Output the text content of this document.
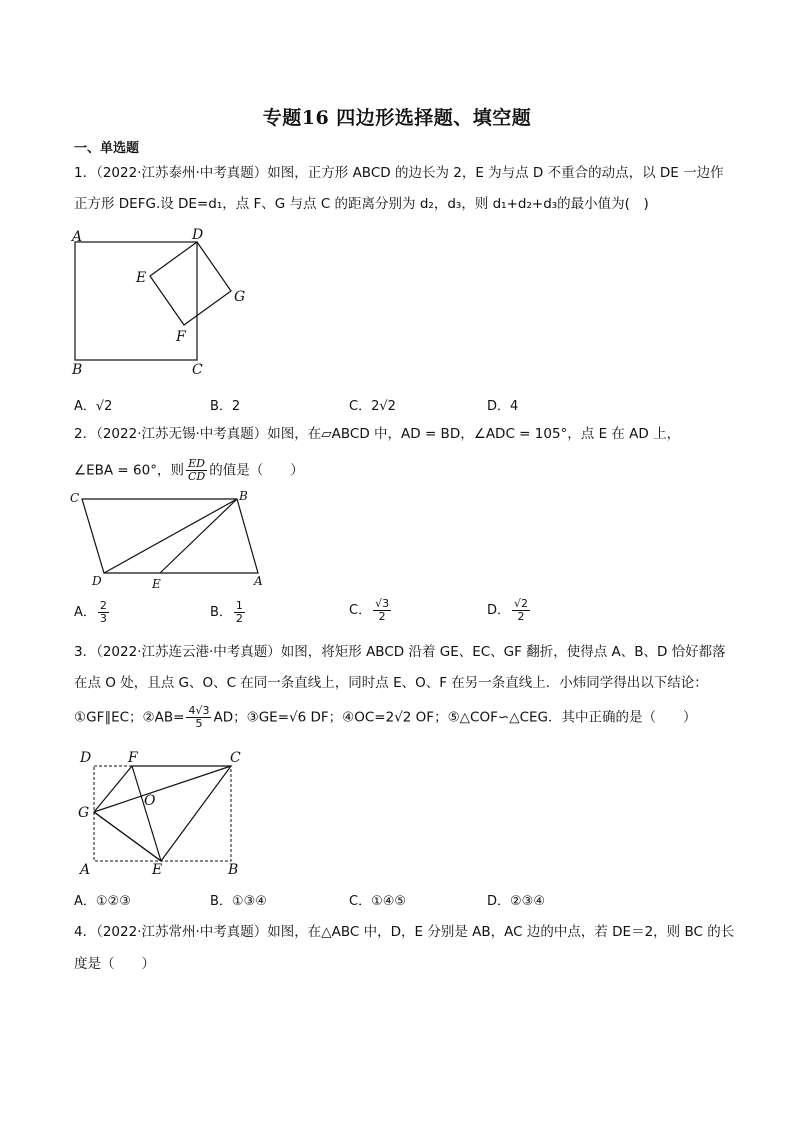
专题16 四边形选择题、填空题
一、单选题
1．（2022·江苏泰州·中考真题）如图，正方形 ABCD 的边长为 2，E 为与点 D 不重合的动点，以 DE 一边作
正方形 DEFG.设 DE=d₁，点 F、G 与点 C 的距离分别为 d₂，d₃，则 d₁+d₂+d₃的最小值为(　)
A	D
E
G
F
B	C
A．√2	B．2	C．2√2	D．4
2．（2022·江苏无锡·中考真题）如图，在▱ABCD 中，AD = BD，∠ADC = 105°，点 E 在 AD 上，
∠EBA = 60°，则 $\frac{ED}{CD}$ 的值是（　　）
C	B
D	E	A
A． $\frac{2}{3}$	B． $\frac{1}{2}$	C． $\frac{√3}{2}$	D． $\frac{√2}{2}$
3．（2022·江苏连云港·中考真题）如图，将矩形 ABCD 沿着 GE、EC、GF 翻折，使得点 A、B、D 恰好都落
在点 O 处，且点 G、O、C 在同一条直线上，同时点 E、O、F 在另一条直线上．小炜同学得出以下结论：
①GF∥EC；②AB= $\frac{4√3}{5}$ AD；③GE=√6 DF；④OC=2√2 OF；⑤△COF∽△CEG．其中正确的是（　　）
D	F	C
G
O
A	E	B
A．①②③	B．①③④	C．①④⑤	D．②③④
4．（2022·江苏常州·中考真题）如图，在△ABC 中，D，E 分别是 AB，AC 边的中点，若 DE＝2，则 BC 的长
度是（　　）
